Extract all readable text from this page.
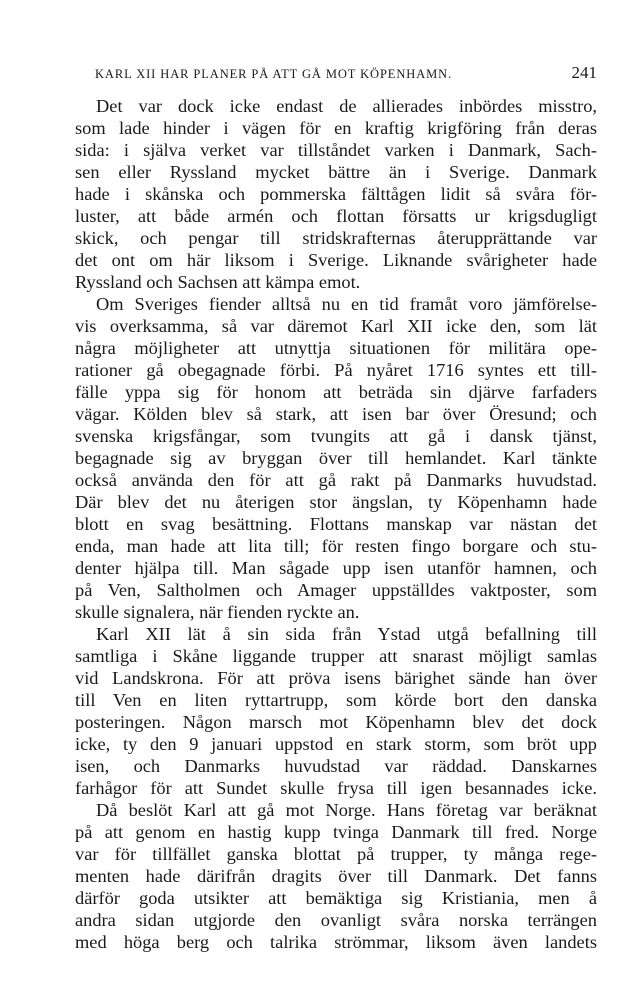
KARL XII HAR PLANER PÅ ATT GÅ MOT KÖPENHAMN.	241

Det var dock icke endast de allierades inbördes misstro,
som lade hinder i vägen för en kraftig krigföring från deras
sida: i själva verket var tillståndet varken i Danmark, Sach-
sen eller Ryssland mycket bättre än i Sverige. Danmark
hade i skånska och pommerska fälttågen lidit så svåra för-
luster, att både armén och flottan försatts ur krigsdugligt
skick, och pengar till stridskrafternas återupprättande var
det ont om här liksom i Sverige. Liknande svårigheter hade
Ryssland och Sachsen att kämpa emot.

Om Sveriges fiender alltså nu en tid framåt voro jämförelse-
vis overksamma, så var däremot Karl XII icke den, som lät
några möjligheter att utnyttja situationen för militära ope-
rationer gå obegagnade förbi. På nyåret 1716 syntes ett till-
fälle yppa sig för honom att beträda sin djärve farfaders
vägar. Kölden blev så stark, att isen bar över Öresund; och
svenska krigsfångar, som tvungits att gå i dansk tjänst,
begagnade sig av bryggan över till hemlandet. Karl tänkte
också använda den för att gå rakt på Danmarks huvudstad.
Där blev det nu återigen stor ängslan, ty Köpenhamn hade
blott en svag besättning. Flottans manskap var nästan det
enda, man hade att lita till; för resten fingo borgare och stu-
denter hjälpa till. Man sågade upp isen utanför hamnen, och
på Ven, Saltholmen och Amager uppställdes vaktposter, som
skulle signalera, när fienden ryckte an.

Karl XII lät å sin sida från Ystad utgå befallning till
samtliga i Skåne liggande trupper att snarast möjligt samlas
vid Landskrona. För att pröva isens bärighet sände han över
till Ven en liten ryttartrupp, som körde bort den danska
posteringen. Någon marsch mot Köpenhamn blev det dock
icke, ty den 9 januari uppstod en stark storm, som bröt upp
isen, och Danmarks huvudstad var räddad. Danskarnes
farhågor för att Sundet skulle frysa till igen besannades icke.

Då beslöt Karl att gå mot Norge. Hans företag var beräknat
på att genom en hastig kupp tvinga Danmark till fred. Norge
var för tillfället ganska blottat på trupper, ty många rege-
menten hade därifrån dragits över till Danmark. Det fanns
därför goda utsikter att bemäktiga sig Kristiania, men å
andra sidan utgjorde den ovanligt svåra norska terrängen
med höga berg och talrika strömmar, liksom även landets
